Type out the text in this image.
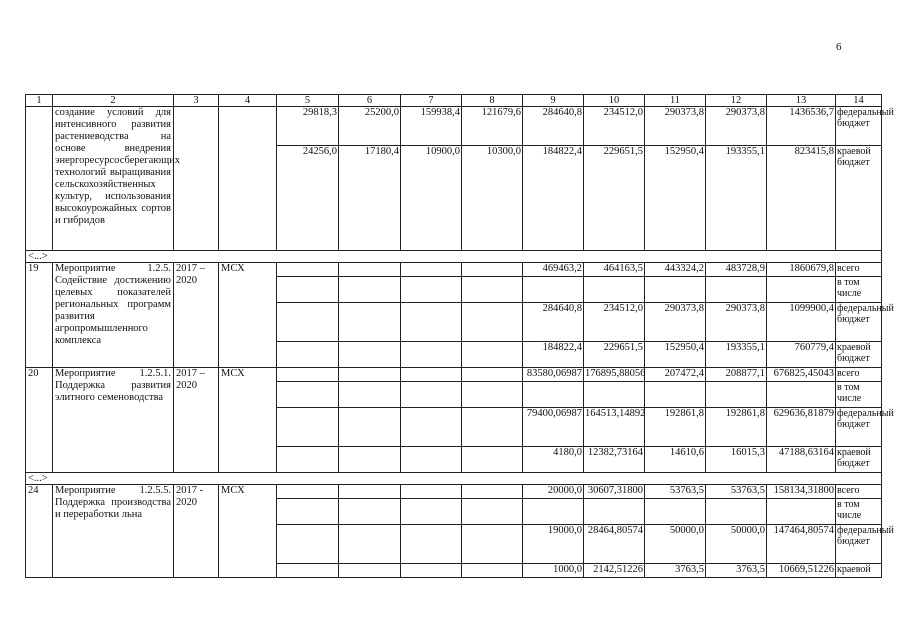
6
1	2	3	4	5	6	7	8	9	10	11	12	13	14
	создание условий для интенсивного развития растениеводства на основе внедрения энергоресурсосберегающих технологий выращивания сельскохозяйственных культур, использования высокоурожайных сортов и гибридов			29818,3	25200,0	159938,4	121679,6	284640,8	234512,0	290373,8	290373,8	1436536,7	федеральный бюджет
				24256,0	17180,4	10900,0	10300,0	184822,4	229651,5	152950,4	193355,1	823415,8	краевой бюджет
<...>													
19	Мероприятие 1.2.5. Содействие достижению целевых показателей региональных программ развития агропромышленного комплекса	2017 – 2020	МСХ					469463,2	464163,5	443324,2	483728,9	1860679,8	всего
													в том числе
								284640,8	234512,0	290373,8	290373,8	1099900,4	федеральный бюджет
								184822,4	229651,5	152950,4	193355,1	760779,4	краевой бюджет
20	Мероприятие 1.2.5.1. Поддержка развития элитного семеноводства	2017 – 2020	МСХ					83580,06987	176895,88056	207472,4	208877,1	676825,45043	всего
													в том числе
								79400,06987	164513,14892	192861,8	192861,8	629636,81879	федеральный бюджет
								4180,0	12382,73164	14610,6	16015,3	47188,63164	краевой бюджет
<...>													
24	Мероприятие 1.2.5.5. Поддержка производства и переработки льна	2017 - 2020	МСХ					20000,0	30607,31800	53763,5	53763,5	158134,31800	всего
													в том числе
								19000,0	28464,80574	50000,0	50000,0	147464,80574	федеральный бюджет
								1000,0	2142,51226	3763,5	3763,5	10669,51226	краевой
